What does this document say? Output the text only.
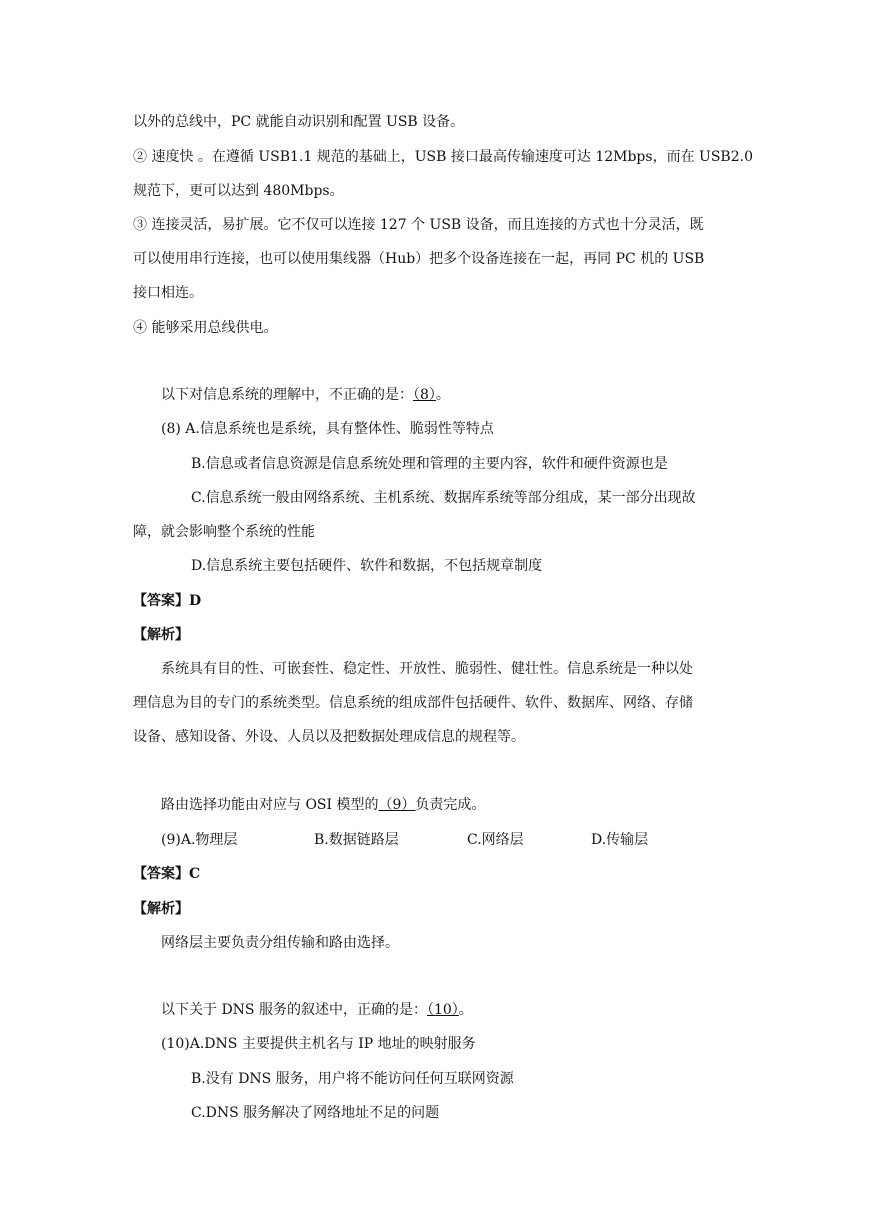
以外的总线中，PC 就能自动识别和配置 USB 设备。
② 速度快 。在遵循 USB1.1 规范的基础上，USB 接口最高传输速度可达 12Mbps，而在 USB2.0
规范下，更可以达到 480Mbps。
③ 连接灵活，易扩展。它不仅可以连接 127 个 USB 设备，而且连接的方式也十分灵活，既
可以使用串行连接，也可以使用集线器（Hub）把多个设备连接在一起，再同 PC 机的 USB
接口相连。
④ 能够采用总线供电。
以下对信息系统的理解中，不正确的是：（8）。
(8) A.信息系统也是系统，具有整体性、脆弱性等特点
B.信息或者信息资源是信息系统处理和管理的主要内容，软件和硬件资源也是
C.信息系统一般由网络系统、主机系统、数据库系统等部分组成，某一部分出现故
障，就会影响整个系统的性能
D.信息系统主要包括硬件、软件和数据，不包括规章制度
【答案】D
【解析】
系统具有目的性、可嵌套性、稳定性、开放性、脆弱性、健壮性。信息系统是一种以处
理信息为目的专门的系统类型。信息系统的组成部件包括硬件、软件、数据库、网络、存储
设备、感知设备、外设、人员以及把数据处理成信息的规程等。
路由选择功能由对应与 OSI 模型的（9）负责完成。
(9)A.物理层	B.数据链路层	C.网络层	D.传输层
【答案】C
【解析】
网络层主要负责分组传输和路由选择。
以下关于 DNS 服务的叙述中，正确的是：（10）。
(10)A.DNS 主要提供主机名与 IP 地址的映射服务
B.没有 DNS 服务，用户将不能访问任何互联网资源
C.DNS 服务解决了网络地址不足的问题
